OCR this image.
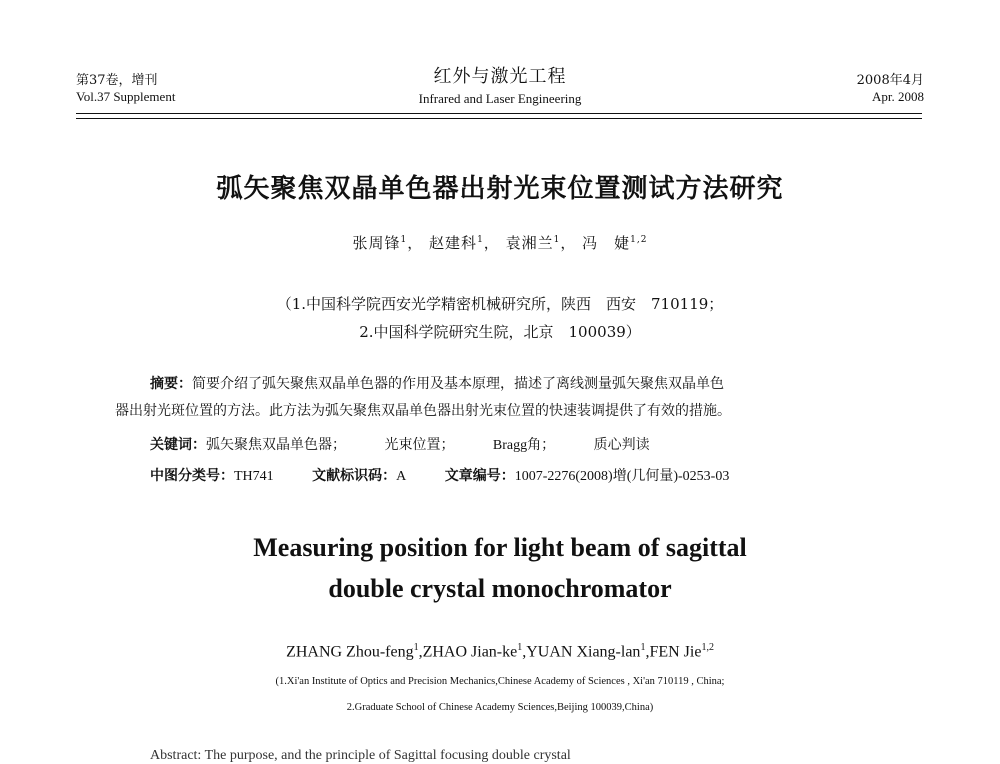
第37卷，增刊
Vol.37 Supplement
红外与激光工程
Infrared and Laser Engineering
2008年4月
Apr. 2008
弧矢聚焦双晶单色器出射光束位置测试方法研究
张周锋$^1$， 赵建科$^1$， 袁湘兰$^1$， 冯　婕$^{1,2}$
（1.中国科学院西安光学精密机械研究所，陕西　西安　710119；
2.中国科学院研究生院，北京　100039）
摘要：简要介绍了弧矢聚焦双晶单色器的作用及基本原理，描述了离线测量弧矢聚焦双晶单色
器出射光斑位置的方法。此方法为弧矢聚焦双晶单色器出射光束位置的快速装调提供了有效的措施。
关键词：弧矢聚焦双晶单色器；	光束位置；	Bragg角；	质心判读
中图分类号：TH741	文献标识码：A	文章编号：1007-2276(2008)增(几何量)-0253-03
Measuring position for light beam of sagittal
double crystal monochromator
ZHANG Zhou-feng$^1$,ZHAO Jian-$ke^1,YUAN$ Xiang-lan$^1$,FEN Jie$^{1,2}$
(1.Xi'an Institute of Optics and Precision Mechanics,Chinese Academy of Sciences , Xi'an 710119 , China;
2.Graduate School of Chinese Academy Sciences,Beijing 100039,China)
Abstract: The purpose, and the principle of Sagittal focusing double crystal
